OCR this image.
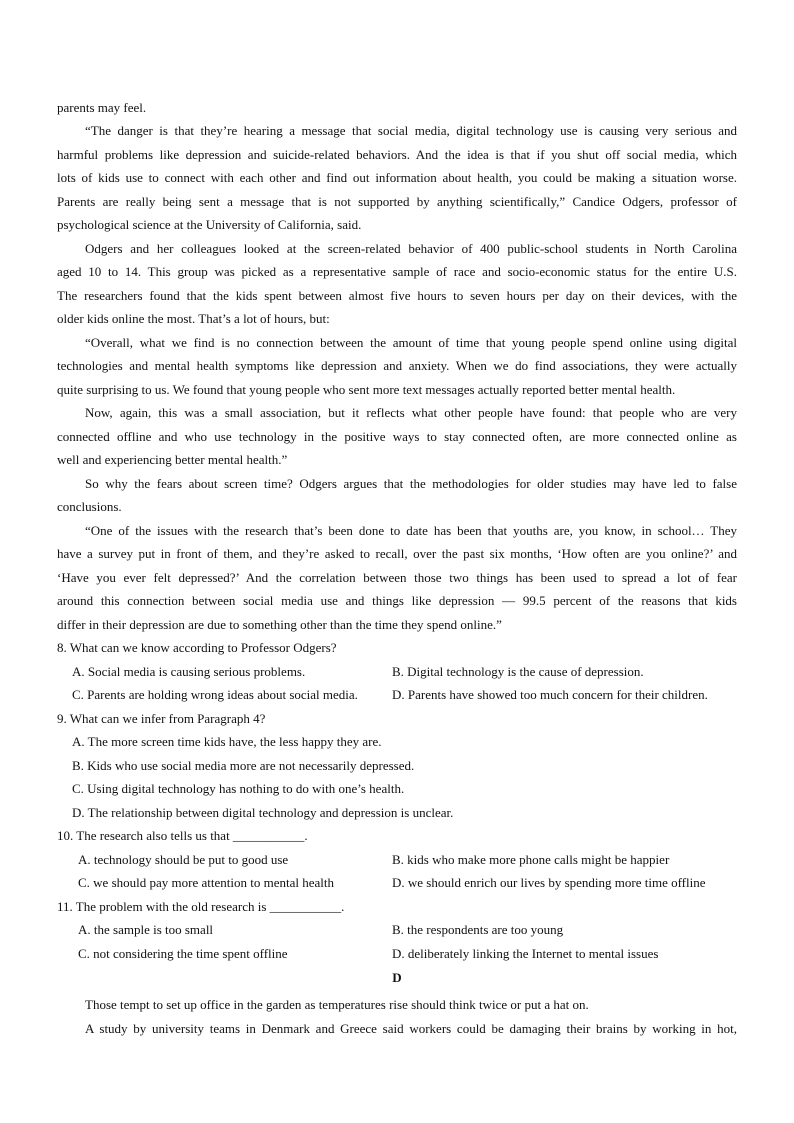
parents may feel.
“The danger is that they’re hearing a message that social media, digital technology use is causing very serious and
harmful problems like depression and suicide-related behaviors. And the idea is that if you shut off social media, which
lots of kids use to connect with each other and find out information about health, you could be making a situation worse.
Parents are really being sent a message that is not supported by anything scientifically,” Candice Odgers, professor of
psychological science at the University of California, said.
Odgers and her colleagues looked at the screen-related behavior of 400 public-school students in North Carolina
aged 10 to 14. This group was picked as a representative sample of race and socio-economic status for the entire U.S.
The researchers found that the kids spent between almost five hours to seven hours per day on their devices, with the
older kids online the most. That’s a lot of hours, but:
“Overall, what we find is no connection between the amount of time that young people spend online using digital
technologies and mental health symptoms like depression and anxiety. When we do find associations, they were actually
quite surprising to us. We found that young people who sent more text messages actually reported better mental health.
Now, again, this was a small association, but it reflects what other people have found: that people who are very
connected offline and who use technology in the positive ways to stay connected often, are more connected online as
well and experiencing better mental health.”
So why the fears about screen time? Odgers argues that the methodologies for older studies may have led to false
conclusions.
“One of the issues with the research that’s been done to date has been that youths are, you know, in school… They
have a survey put in front of them, and they’re asked to recall, over the past six months, ‘How often are you online?’ and
‘Have you ever felt depressed?’ And the correlation between those two things has been used to spread a lot of fear
around this connection between social media use and things like depression — 99.5 percent of the reasons that kids
differ in their depression are due to something other than the time they spend online.”
8. What can we know according to Professor Odgers?
A. Social media is causing serious problems.	B. Digital technology is the cause of depression.
C. Parents are holding wrong ideas about social media.	D. Parents have showed too much concern for their children.
9. What can we infer from Paragraph 4?
A. The more screen time kids have, the less happy they are.
B. Kids who use social media more are not necessarily depressed.
C. Using digital technology has nothing to do with one’s health.
D. The relationship between digital technology and depression is unclear.
10. The research also tells us that ___________.
A. technology should be put to good use	B. kids who make more phone calls might be happier
C. we should pay more attention to mental health	D. we should enrich our lives by spending more time offline
11. The problem with the old research is ___________.
A. the sample is too small	B. the respondents are too young
C. not considering the time spent offline	D. deliberately linking the Internet to mental issues
D
Those tempt to set up office in the garden as temperatures rise should think twice or put a hat on.
A study by university teams in Denmark and Greece said workers could be damaging their brains by working in hot,
